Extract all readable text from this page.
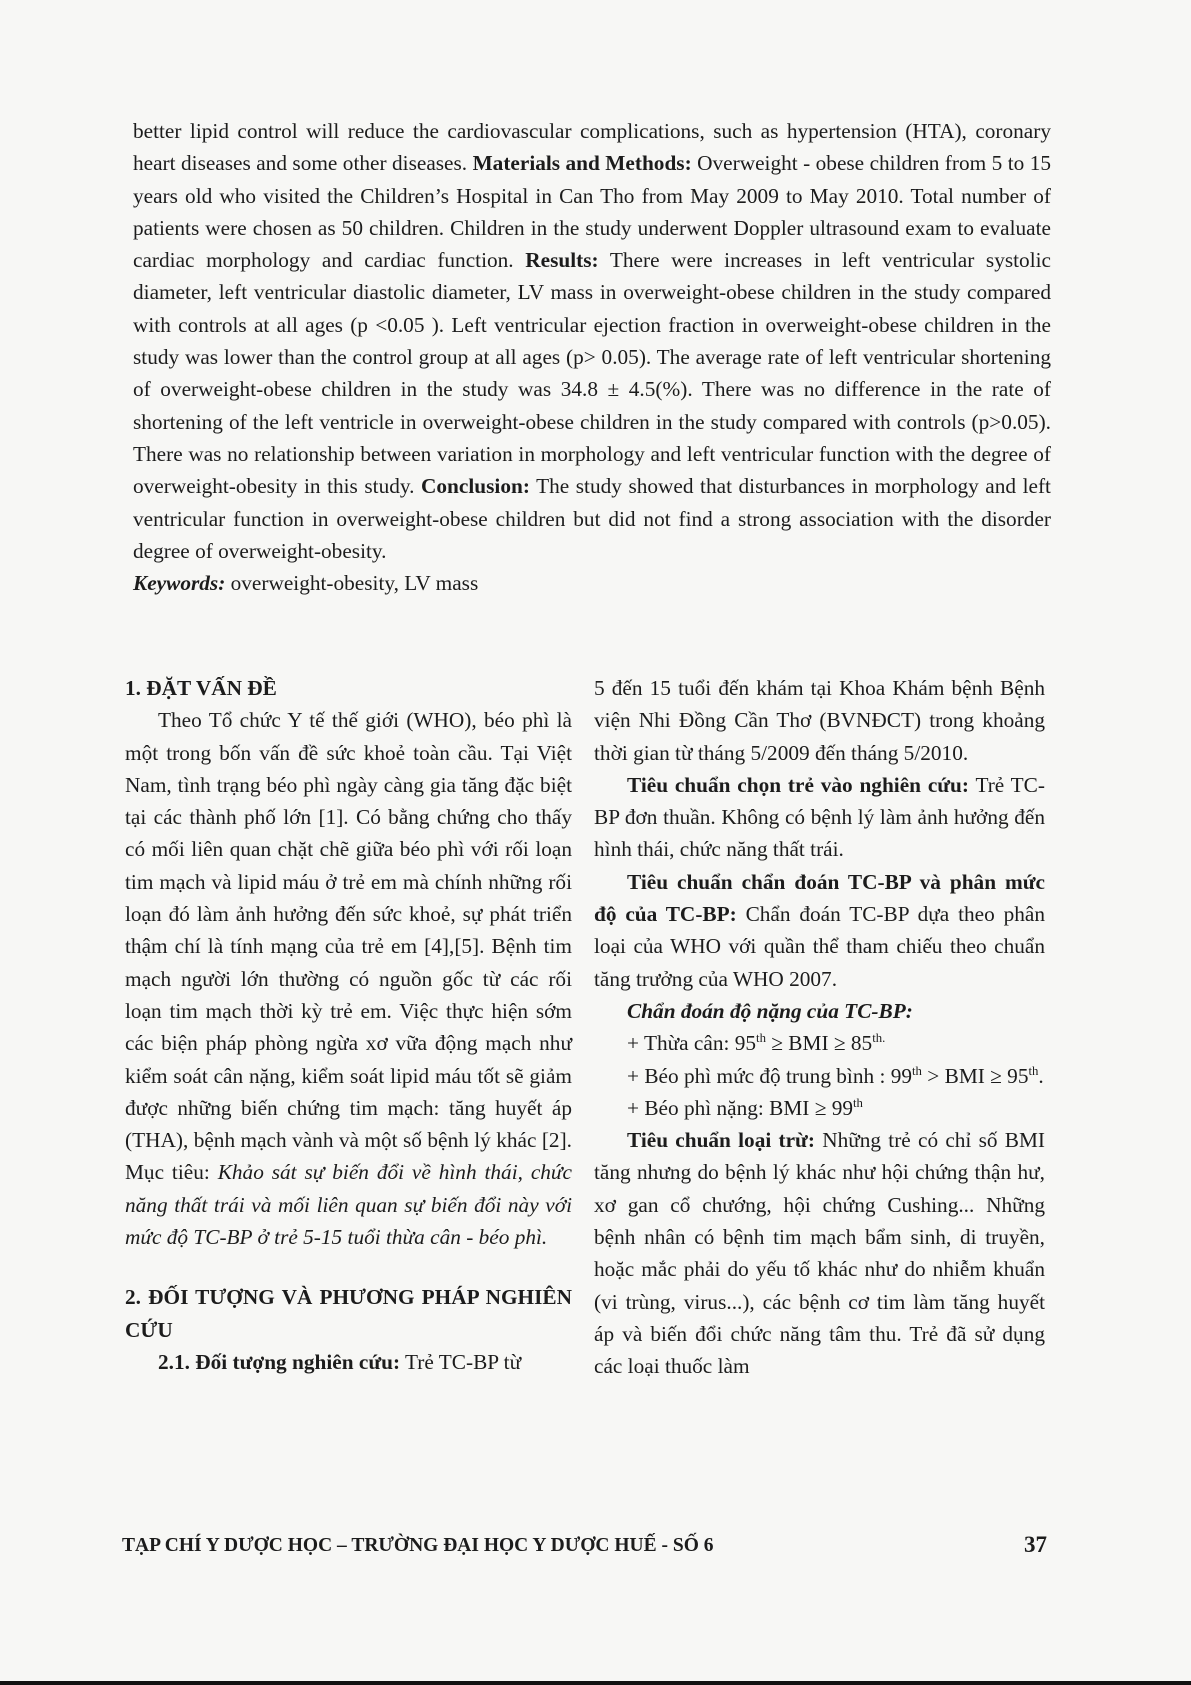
better lipid control will reduce the cardiovascular complications, such as hypertension (HTA), coronary heart diseases and some other diseases. Materials and Methods: Overweight - obese children from 5 to 15 years old who visited the Children’s Hospital in Can Tho from May 2009 to May 2010. Total number of patients were chosen as 50 children. Children in the study underwent Doppler ultrasound exam to evaluate cardiac morphology and cardiac function. Results: There were increases in left ventricular systolic diameter, left ventricular diastolic diameter, LV mass in overweight-obese children in the study compared with controls at all ages (p <0.05 ). Left ventricular ejection fraction in overweight-obese children in the study was lower than the control group at all ages (p> 0.05). The average rate of left ventricular shortening of overweight-obese children in the study was 34.8 ± 4.5(%). There was no difference in the rate of shortening of the left ventricle in overweight-obese children in the study compared with controls (p>0.05). There was no relationship between variation in morphology and left ventricular function with the degree of overweight-obesity in this study. Conclusion: The study showed that disturbances in morphology and left ventricular function in overweight-obese children but did not find a strong association with the disorder degree of overweight-obesity.

Keywords: overweight-obesity, LV mass

1. ĐẶT VẤN ĐỀ

Theo Tổ chức Y tế thế giới (WHO), béo phì là một trong bốn vấn đề sức khoẻ toàn cầu. Tại Việt Nam, tình trạng béo phì ngày càng gia tăng đặc biệt tại các thành phố lớn [1]. Có bằng chứng cho thấy có mối liên quan chặt chẽ giữa béo phì với rối loạn tim mạch và lipid máu ở trẻ em mà chính những rối loạn đó làm ảnh hưởng đến sức khoẻ, sự phát triển thậm chí là tính mạng của trẻ em [4],[5]. Bệnh tim mạch người lớn thường có nguồn gốc từ các rối loạn tim mạch thời kỳ trẻ em. Việc thực hiện sớm các biện pháp phòng ngừa xơ vữa động mạch như kiểm soát cân nặng, kiểm soát lipid máu tốt sẽ giảm được những biến chứng tim mạch: tăng huyết áp (THA), bệnh mạch vành và một số bệnh lý khác [2]. Mục tiêu: Khảo sát sự biến đổi về hình thái, chức năng thất trái và mối liên quan sự biến đổi này với mức độ TC-BP ở trẻ 5-15 tuổi thừa cân - béo phì.

2. ĐỐI TƯỢNG VÀ PHƯƠNG PHÁP NGHIÊN CỨU

2.1. Đối tượng nghiên cứu: Trẻ TC-BP từ

5 đến 15 tuổi đến khám tại Khoa Khám bệnh Bệnh viện Nhi Đồng Cần Thơ (BVNĐCT) trong khoảng thời gian từ tháng 5/2009 đến tháng 5/2010.

Tiêu chuẩn chọn trẻ vào nghiên cứu: Trẻ TC-BP đơn thuần. Không có bệnh lý làm ảnh hưởng đến hình thái, chức năng thất trái.

Tiêu chuẩn chẩn đoán TC-BP và phân mức độ của TC-BP: Chẩn đoán TC-BP dựa theo phân loại của WHO với quần thể tham chiếu theo chuẩn tăng trưởng của WHO 2007.

Chẩn đoán độ nặng của TC-BP:

+ Thừa cân: 95th ≥ BMI ≥ $85^{th.}$

+ Béo phì mức độ trung bình : 99th > BMI ≥ 95th.

+ Béo phì nặng: BMI ≥ 99th

Tiêu chuẩn loại trừ: Những trẻ có chỉ số BMI tăng nhưng do bệnh lý khác như hội chứng thận hư, xơ gan cổ chướng, hội chứng Cushing... Những bệnh nhân có bệnh tim mạch bẩm sinh, di truyền, hoặc mắc phải do yếu tố khác như do nhiễm khuẩn (vi trùng, virus...), các bệnh cơ tim làm tăng huyết áp và biến đổi chức năng tâm thu. Trẻ đã sử dụng các loại thuốc làm

TẠP CHÍ Y DƯỢC HỌC – TRƯỜNG ĐẠI HỌC Y DƯỢC HUẾ - SỐ 6	37
